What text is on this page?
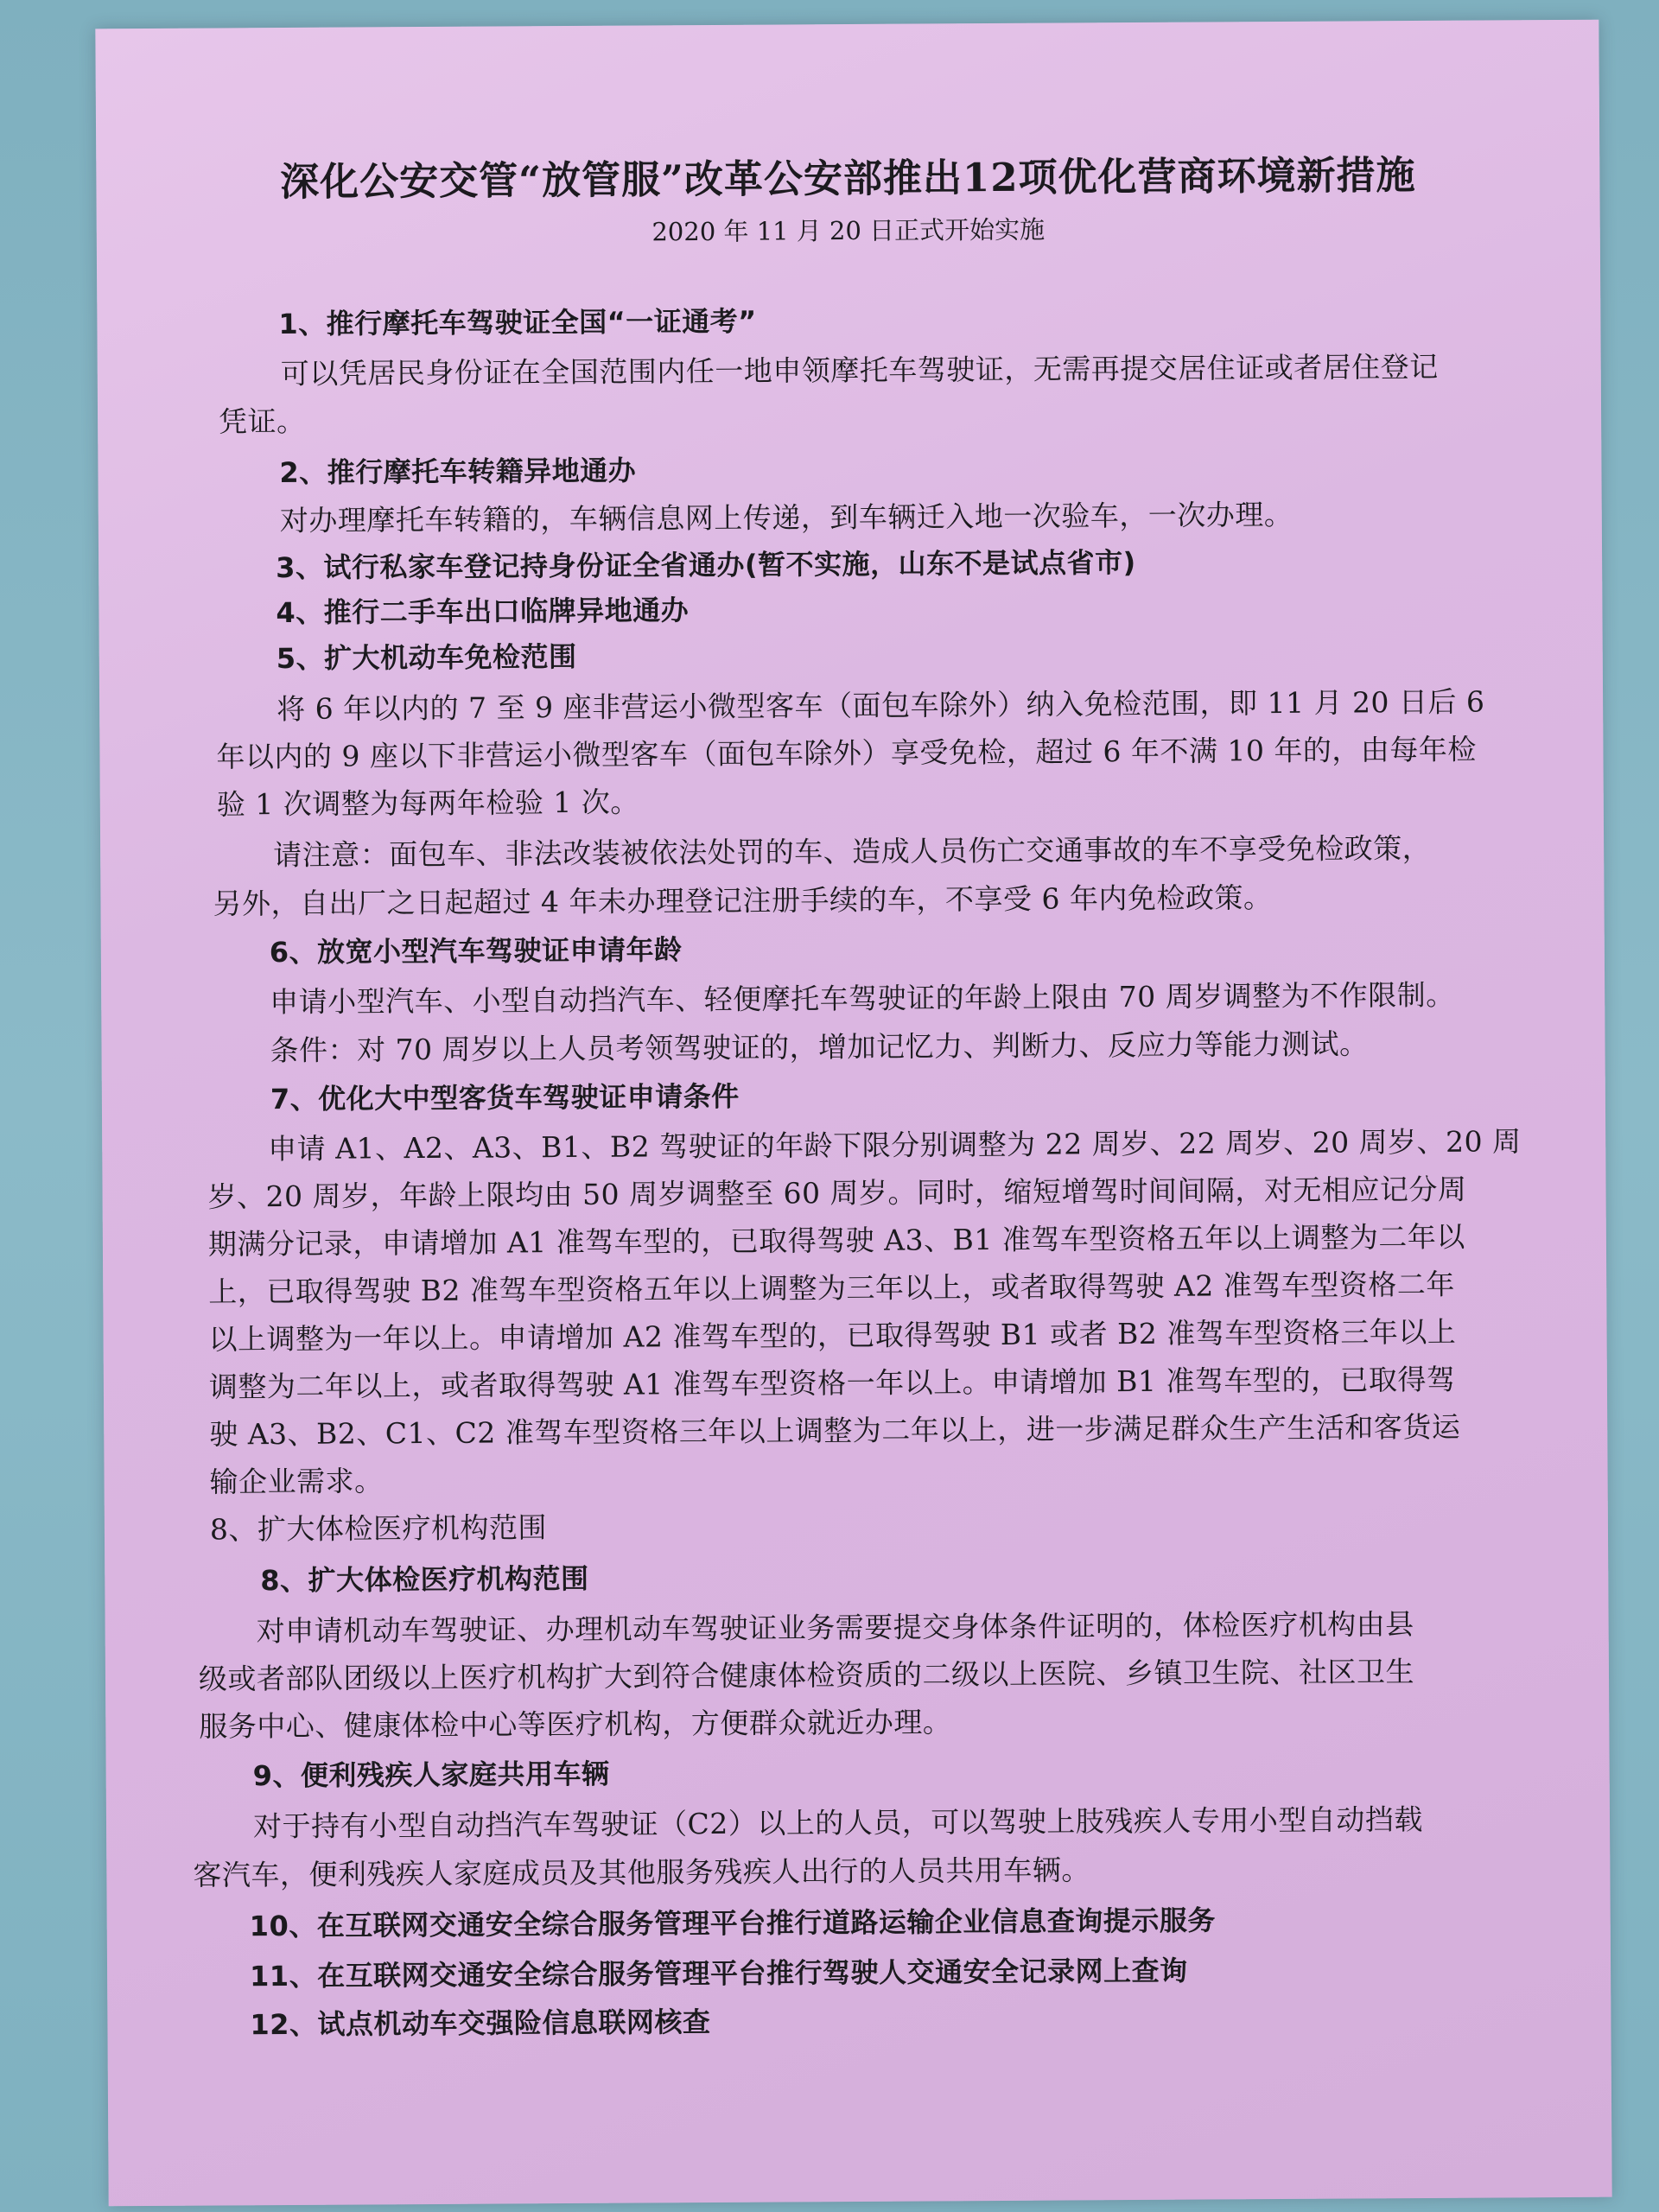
深化公安交管“放管服”改革公安部推出12项优化营商环境新措施
2020 年 11 月 20 日正式开始实施
1、推行摩托车驾驶证全国“一证通考”
可以凭居民身份证在全国范围内任一地申领摩托车驾驶证，无需再提交居住证或者居住登记
凭证。
2、推行摩托车转籍异地通办
对办理摩托车转籍的，车辆信息网上传递，到车辆迁入地一次验车，一次办理。
3、试行私家车登记持身份证全省通办(暂不实施，山东不是试点省市)
4、推行二手车出口临牌异地通办
5、扩大机动车免检范围
将 6 年以内的 7 至 9 座非营运小微型客车（面包车除外）纳入免检范围，即 11 月 20 日后 6
年以内的 9 座以下非营运小微型客车（面包车除外）享受免检，超过 6 年不满 10 年的，由每年检
验 1 次调整为每两年检验 1 次。
请注意：面包车、非法改装被依法处罚的车、造成人员伤亡交通事故的车不享受免检政策，
另外，自出厂之日起超过 4 年未办理登记注册手续的车，不享受 6 年内免检政策。
6、放宽小型汽车驾驶证申请年龄
申请小型汽车、小型自动挡汽车、轻便摩托车驾驶证的年龄上限由 70 周岁调整为不作限制。
条件：对 70 周岁以上人员考领驾驶证的，增加记忆力、判断力、反应力等能力测试。
7、优化大中型客货车驾驶证申请条件
申请 A1、A2、A3、B1、B2 驾驶证的年龄下限分别调整为 22 周岁、22 周岁、20 周岁、20 周
岁、20 周岁，年龄上限均由 50 周岁调整至 60 周岁。同时，缩短增驾时间间隔，对无相应记分周
期满分记录，申请增加 A1 准驾车型的，已取得驾驶 A3、B1 准驾车型资格五年以上调整为二年以
上，已取得驾驶 B2 准驾车型资格五年以上调整为三年以上，或者取得驾驶 A2 准驾车型资格二年
以上调整为一年以上。申请增加 A2 准驾车型的，已取得驾驶 B1 或者 B2 准驾车型资格三年以上
调整为二年以上，或者取得驾驶 A1 准驾车型资格一年以上。申请增加 B1 准驾车型的，已取得驾
驶 A3、B2、C1、C2 准驾车型资格三年以上调整为二年以上，进一步满足群众生产生活和客货运
输企业需求。
8、扩大体检医疗机构范围
8、扩大体检医疗机构范围
对申请机动车驾驶证、办理机动车驾驶证业务需要提交身体条件证明的，体检医疗机构由县
级或者部队团级以上医疗机构扩大到符合健康体检资质的二级以上医院、乡镇卫生院、社区卫生
服务中心、健康体检中心等医疗机构，方便群众就近办理。
9、便利残疾人家庭共用车辆
对于持有小型自动挡汽车驾驶证（C2）以上的人员，可以驾驶上肢残疾人专用小型自动挡载
客汽车，便利残疾人家庭成员及其他服务残疾人出行的人员共用车辆。
10、在互联网交通安全综合服务管理平台推行道路运输企业信息查询提示服务
11、在互联网交通安全综合服务管理平台推行驾驶人交通安全记录网上查询
12、试点机动车交强险信息联网核查
